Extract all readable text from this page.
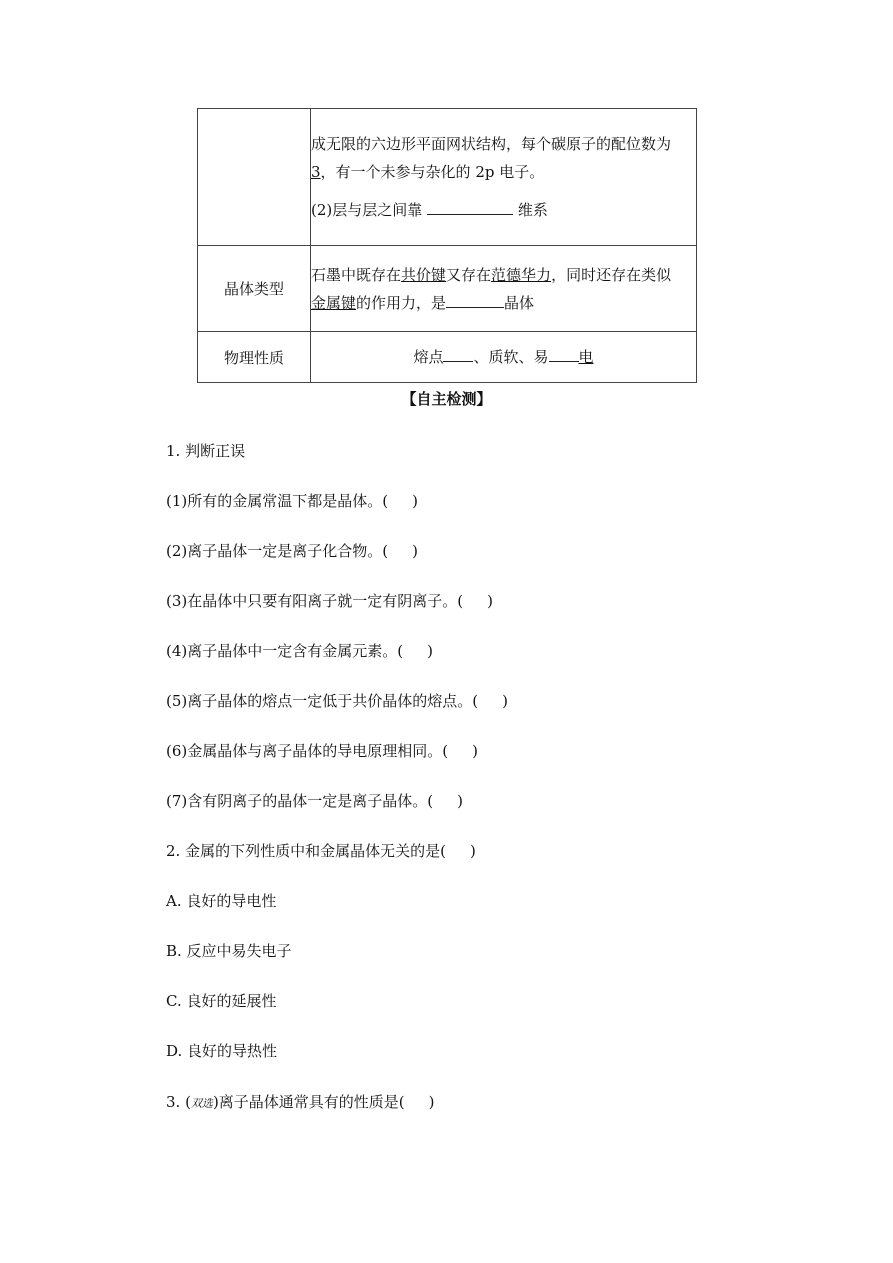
	成无限的六边形平面网状结构，每个碳原子的配位数为
3，有一个未参与杂化的 2p 电子。
(2)层与层之间靠 维系

晶体类型	石墨中既存在共价键又存在范德华力，同时还存在类似
金属键的作用力，是 晶体
物理性质	熔点 、质软、易 电
【自主检测】
1. 判断正误
(1)所有的金属常温下都是晶体。( )
(2)离子晶体一定是离子化合物。( )
(3)在晶体中只要有阳离子就一定有阴离子。( )
(4)离子晶体中一定含有金属元素。( )
(5)离子晶体的熔点一定低于共价晶体的熔点。( )
(6)金属晶体与离子晶体的导电原理相同。( )
(7)含有阴离子的晶体一定是离子晶体。( )
2. 金属的下列性质中和金属晶体无关的是( )
A. 良好的导电性
B. 反应中易失电子
C. 良好的延展性
D. 良好的导热性
3. (双选)离子晶体通常具有的性质是( )
